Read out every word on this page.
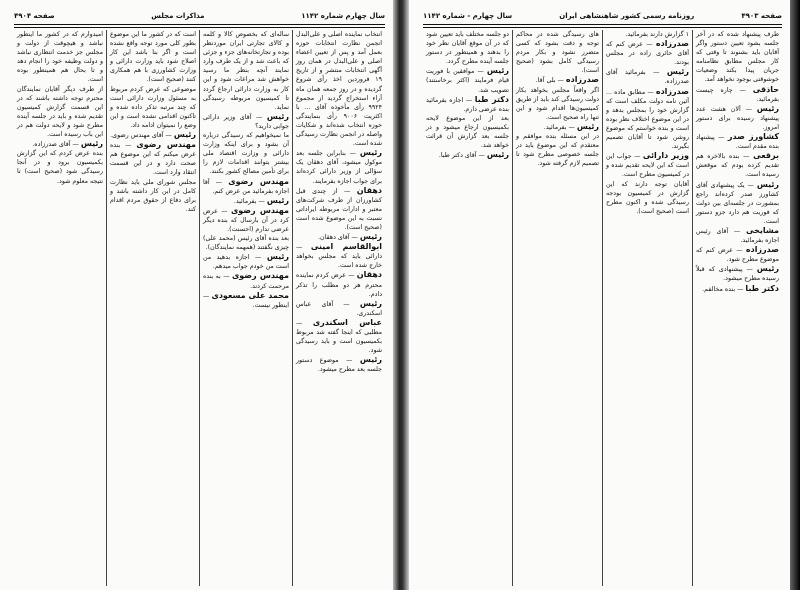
سال چهارم شماره ۱۱۴۲
مذاکرات مجلس
صفحه ۴۹۰۴

انتخاب نماینده اصلی و علی‌البدل انجمن نظارت انتخابات حوزه بعمل آمد و پس از تعیین اعضاء اصلی و علی‌البدل در همان روز آگهی انتخابات منتشر و از تاریخ ۱۹ فروردین اخذ رأی شروع گردیده و در روز جمعه همان ماه آراء استخراج گردید از مجموع ۹۹۲۴ رأی مأخوذه آقای ... با اکثریت ۹۰۰۶ رأی بنمایندگی حوزه انتخاب شده‌اند و شکایات واصله در انجمن نظارت رسیدگی شده است.

رئیس — بنابراین جلسه بعد موکول میشود، آقای دهقان یک سؤالی از وزیر دارائی کرده‌اند برای جواب اجازه بفرمایند.

دهقان — از چندی قبل کشاورزان از طرف شرکت‌های معتبر و ادارات مربوطه ایراداتی نسبت به این موضوع شده است (صحیح است).

رئیس — آقای دهقان.

ابوالقاسم امینی — دارائی باید که مجلس بخواهد خارج شده است.

دهقان — عرض کردم نماینده محترم هر دو مطلب را تذکر دادم.

رئیس — آقای عباس اسکندری.

عباس اسکندری — مطلبی که اینجا گفته شد مربوط بکمیسیون است و باید رسیدگی شود.

رئیس — موضوع دستور جلسه بعد مطرح میشود.

ساله‌ای که بخصوص کالا و کلمه و کالای تجارتی ایران موردنظر بوده و تجارتخانه‌های جزء و جزئی که باعث شد و از یک طرف وارد نمایند آنچه بنظر ما رسید خواهش شد مراعات شود و این کار به وزارت دارائی ارجاع گردد تا کمیسیون مربوطه رسیدگی نماید.

رئیس — آقای وزیر دارائی جوابی دارید؟

ما نمیخواهیم که رسیدگی درباره آن بشود و برای اینکه وزارت دارائی و وزارت اقتصاد ملی بیشتر بتوانند اقدامات لازم را برای تأمین مصالح کشور بکنند.

مهندس رضوی — آقا اجازه بفرمائید من عرض کنم.

رئیس — بفرمائید.

مهندس رضوی — عرض کرد در آن بارسال که بنده دیگر عرضی ندارم (احسنت).

بعد بنده آقای رئیس (محمد علی) چیزی نگفتند (همهمه نمایندگان).

رئیس — اجازه بدهید من است من خودم جواب میدهم.

مهندس رضوی — به بنده مرحمت کردند.

محمد علی مسعودی — اینطور نیست.

است که در کشور ما این موضوع بطور کلی مورد توجه واقع نشده است و اگر بنا باشد این کار اصلاح شود باید وزارت دارائی و وزارت کشاورزی با هم همکاری کنند (صحیح است).

موضوعی که عرض کردم مربوط به مسئول وزارت دارائی است که چند مرتبه تذکر داده شده و تاکنون اقدامی نشده است و این وضع را نمیتوان ادامه داد.

رئیس — آقای مهندس رضوی.

مهندس رضوی — بنده عرض میکنم که این موضوع هم صحت دارد و در این قسمت انتقاد وارد است.

مجلس شورای ملی باید نظارت کامل در این کار داشته باشد و برای دفاع از حقوق مردم اقدام کند.

امیدوارم که در کشور ما اینطور نباشد و هیچوقت از دولت و مجلس جز خدمت انتظاری نباشد و دولت وظیفه خود را انجام دهد و تا بحال هم همینطور بوده است.

از طرف دیگر آقایان نمایندگان محترم توجه داشته باشند که در این قسمت گزارش کمیسیون تقدیم شده و باید در جلسه آینده مطرح شود و لایحه دولت هم در این باب رسیده است.

رئیس — آقای صدرزاده.

بنده عرض کردم که این گزارش بکمیسیون برود و در آنجا رسیدگی شود (صحیح است) تا نتیجه معلوم شود.

صفحه ۴۹۰۳
روزنامه رسمی کشور شاهنشاهی ایران
سال چهارم - شماره ۱۱۴۲

طرف پیشنهاد شده که در آخر جلسه بشود تعیین دستور واگر آقایان باید بشنوند تا وقتی که کار مجلس مطابق نظامنامه جریان پیدا بکند وضعیات خوشوقتی بوجود نخواهد آمد.

حاذقی — چاره چیست بفرمائید.

رئیس — آلان هشت عدد پیشنهاد رسیده برای دستور امروز.

کشاورز صدر — پیشنهاد بنده مقدم است.

برقعی — بنده بالاخره هم تقدیم کرده بودم که موقعش رسیده است.

رئیس — یک پیشنهادی آقای کشاورز صدر کرده‌اند راجع بمشورت در جلسه‌ای بین دولت که فوریت هم دارد جزو دستور است.

مشایخی — آقای رئیس اجازه بفرمائید.

صدرزاده — عرض کنم که موضوع مطرح شود.

رئیس — پیشنهادی که قبلاً رسیده مطرح میشود.

دکتر طبا — بنده مخالفم.

۱ گزارش دارند بفرمائید.

صدرزاده — عرض کنم که آقای حائری زاده در مجلس بودند.

رئیس — بفرمائید آقای صدرزاده.

صدرزاده — مطابق ماده ... آئین نامه دولت مکلف است که گزارش خود را بمجلس بدهد و در این موضوع اختلاف نظر بوده است و بنده خواستم که موضوع روشن شود تا آقایان تصمیم بگیرند.

وزیر دارائی — جواب این است که این لایحه تقدیم شده و در کمیسیون مطرح است.

آقایان توجه دارند که این گزارش در کمیسیون بودجه رسیدگی شده و اکنون مطرح است (صحیح است).

های رسیدگی شده در محاکم توجه و دقت بشود که کسی متضرر نشود و بکار مردم رسیدگی کامل بشود (صحیح است).

صدرزاده — بلی آقا.

اگر واقعاً مجلس بخواهد بکار دولت رسیدگی کند باید از طریق کمیسیون‌ها اقدام شود و این تنها راه صحیح است.

رئیس — بفرمائید.

در این مسئله بنده موافقم و معتقدم که این موضوع باید در جلسه خصوصی مطرح شود تا تصمیم لازم گرفته شود.

دو جلسه مختلف باید تعیین شود که در آن موقع آقایان نظر خود را بدهند و همینطور در دستور جلسه آینده مطرح گردد.

رئیس — موافقین با فوریت قیام فرمایند (اکثر برخاستند) تصویب شد.

دکتر طبا — اجازه بفرمائید بنده عرضی دارم.

بعد از این موضوع لایحه بکمیسیون ارجاع میشود و در جلسه بعد گزارش آن قرائت خواهد شد.

رئیس — آقای دکتر طبا.
